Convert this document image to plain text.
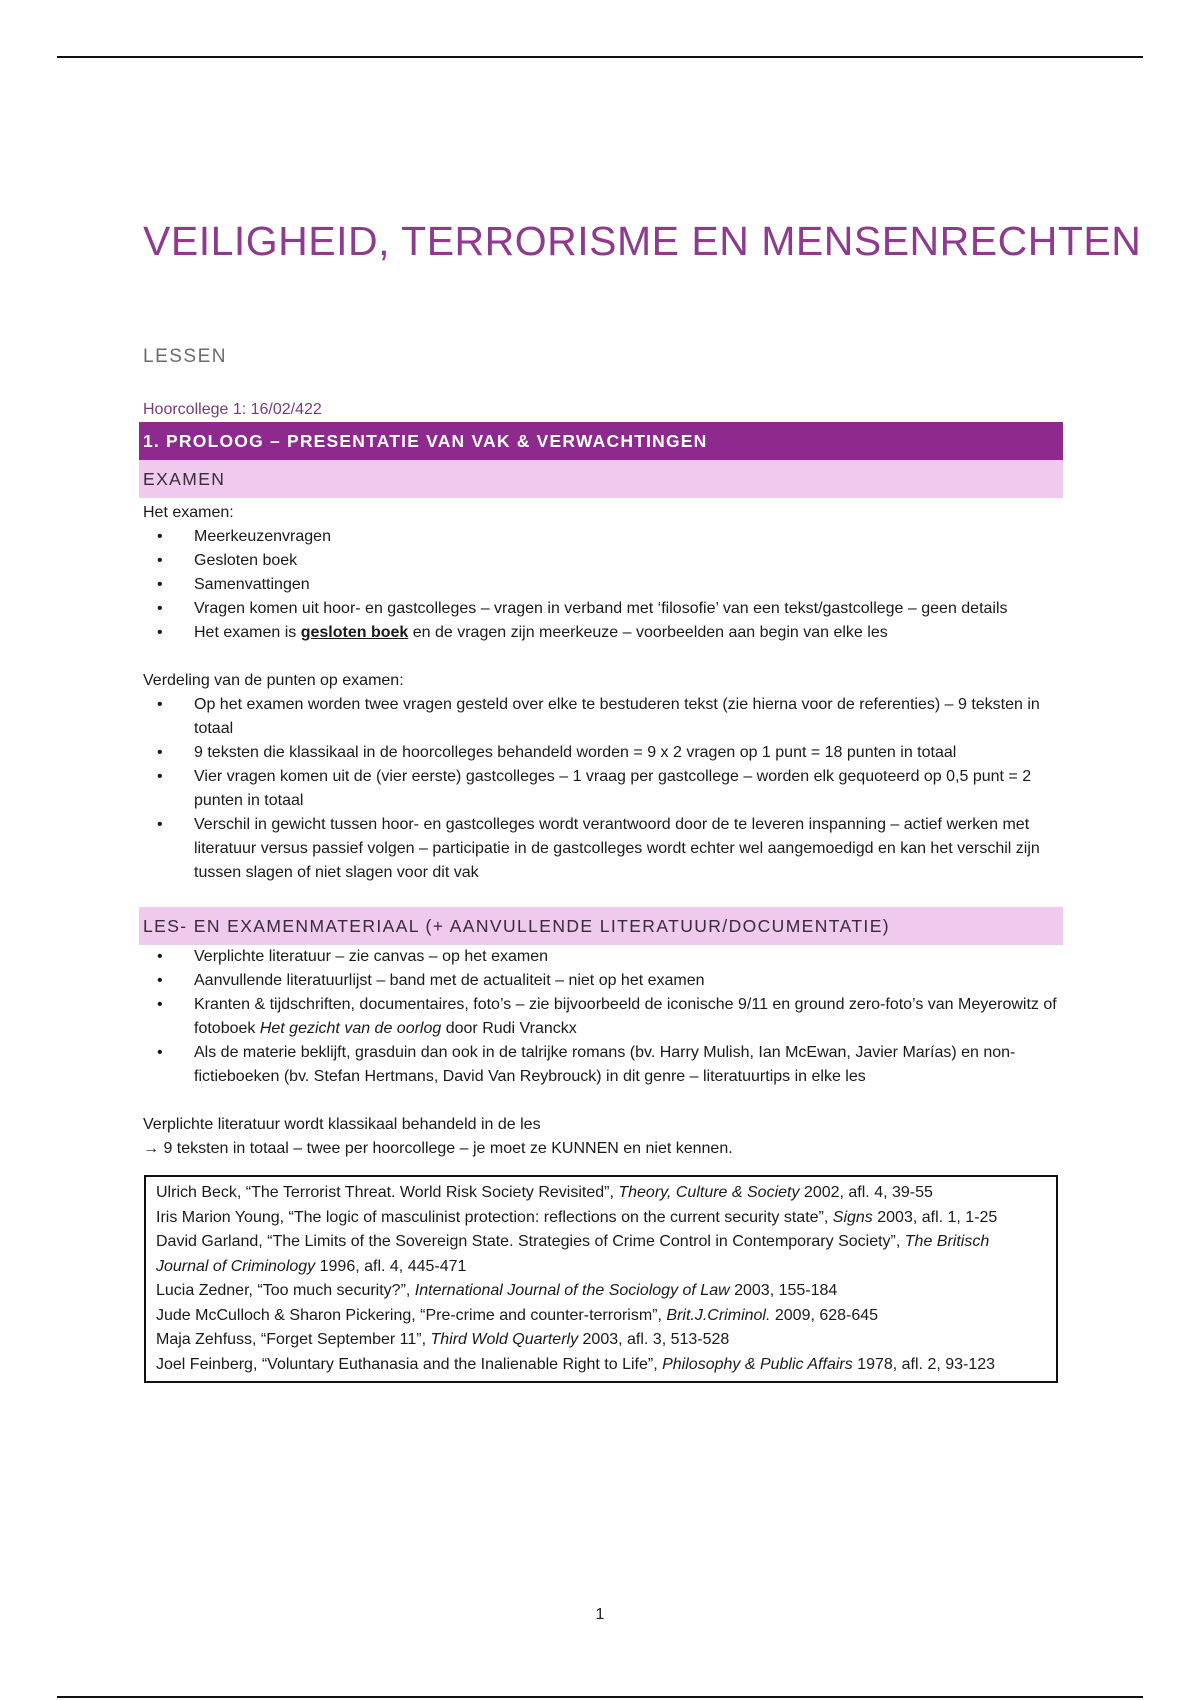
VEILIGHEID, TERRORISME EN MENSENRECHTEN
LESSEN

Hoorcollege 1: 16/02/422

1. PROLOOG – PRESENTATIE VAN VAK & VERWACHTINGEN
EXAMEN

Het examen:

• Meerkeuzenvragen
• Gesloten boek
• Samenvattingen
• Vragen komen uit hoor- en gastcolleges – vragen in verband met ‘filosofie’ van een tekst/gastcollege – geen details
• Het examen is gesloten boek en de vragen zijn meerkeuze – voorbeelden aan begin van elke les

Verdeling van de punten op examen:

• Op het examen worden twee vragen gesteld over elke te bestuderen tekst (zie hierna voor de referenties) – 9 teksten in totaal
• 9 teksten die klassikaal in de hoorcolleges behandeld worden = 9 x 2 vragen op 1 punt = 18 punten in totaal
• Vier vragen komen uit de (vier eerste) gastcolleges – 1 vraag per gastcollege – worden elk gequoteerd op 0,5 punt = 2 punten in totaal
• Verschil in gewicht tussen hoor- en gastcolleges wordt verantwoord door de te leveren inspanning – actief werken met literatuur versus passief volgen – participatie in de gastcolleges wordt echter wel aangemoedigd en kan het verschil zijn tussen slagen of niet slagen voor dit vak
LES- EN EXAMENMATERIAAL (+ AANVULLENDE LITERATUUR/DOCUMENTATIE)
• Verplichte literatuur – zie canvas – op het examen
• Aanvullende literatuurlijst – band met de actualiteit – niet op het examen
• Kranten & tijdschriften, documentaires, foto’s – zie bijvoorbeeld de iconische 9/11 en ground zero-foto’s van Meyerowitz of fotoboek Het gezicht van de oorlog door Rudi Vranckx
• Als de materie beklijft, grasduin dan ook in de talrijke romans (bv. Harry Mulish, Ian McEwan, Javier Marías) en non-fictieboeken (bv. Stefan Hertmans, David Van Reybrouck) in dit genre – literatuurtips in elke les

Verplichte literatuur wordt klassikaal behandeld in de les

→ 9 teksten in totaal – twee per hoorcollege – je moet ze KUNNEN en niet kennen.

Ulrich Beck, “The Terrorist Threat. World Risk Society Revisited”, Theory, Culture & Society 2002, afl. 4, 39-55

Iris Marion Young, “The logic of masculinist protection: reflections on the current security state”, Signs 2003, afl. 1, 1-25

David Garland, “The Limits of the Sovereign State. Strategies of Crime Control in Contemporary Society”, The Britisch Journal of Criminology 1996, afl. 4, 445-471

Lucia Zedner, “Too much security?”, International Journal of the Sociology of Law 2003, 155-184

Jude McCulloch & Sharon Pickering, “Pre-crime and counter-terrorism”, Brit.J.Criminol. 2009, 628-645

Maja Zehfuss, “Forget September 11”, Third Wold Quarterly 2003, afl. 3, 513-528

Joel Feinberg, “Voluntary Euthanasia and the Inalienable Right to Life”, Philosophy & Public Affairs 1978, afl. 2, 93-123

1
